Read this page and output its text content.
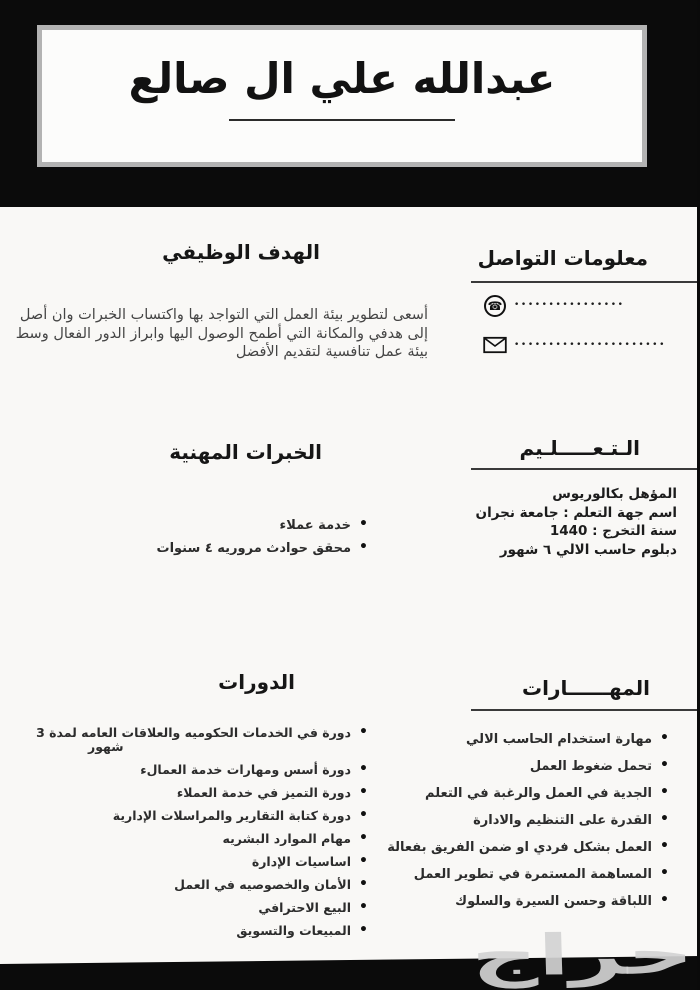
عبدالله علي ال صالع
معلومات التواصل
☎	••••••••••••••••
••••••••••••••••••••••
الهدف الوظيفي
أسعى لتطوير بيئة العمل التي التواجد بها واكتساب الخبرات وان أصل
إلى هدفي والمكانة التي أطمح الوصول اليها وابراز الدور الفعال وسط
بيئة عمل تنافسية لتقديم الأفضل
الـتـعـــــلـيم
المؤهل بكالوريوس
اسم جهة التعلم : جامعة نجران
سنة التخرج : 1440
دبلوم حاسب الالي ٦ شهور
الخبرات المهنية
• خدمة عملاء
• محقق حوادث مروريه ٤ سنوات
المهــــــارات
• مهارة استخدام الحاسب الالي
• تحمل ضغوط العمل
• الجدية في العمل والرغبة في التعلم
• القدرة على التنظيم والادارة
• العمل بشكل فردي او ضمن الفريق بفعالة
• المساهمة المستمرة في تطوير العمل
• اللباقة وحسن السيرة والسلوك
الدورات
• دورة في الخدمات الحكوميه والعلاقات العامه لمدة 3
شهور
• دورة أسس ومهارات خدمة العمالء
• دورة التميز في خدمة العملاء
• دورة كتابة التقارير والمراسلات الإدارية
• مهام الموارد البشريه
• اساسيات الإدارة
• الأمان والخصوصيه في العمل
• البيع الاحترافي
• المبيعات والتسويق	حراج
